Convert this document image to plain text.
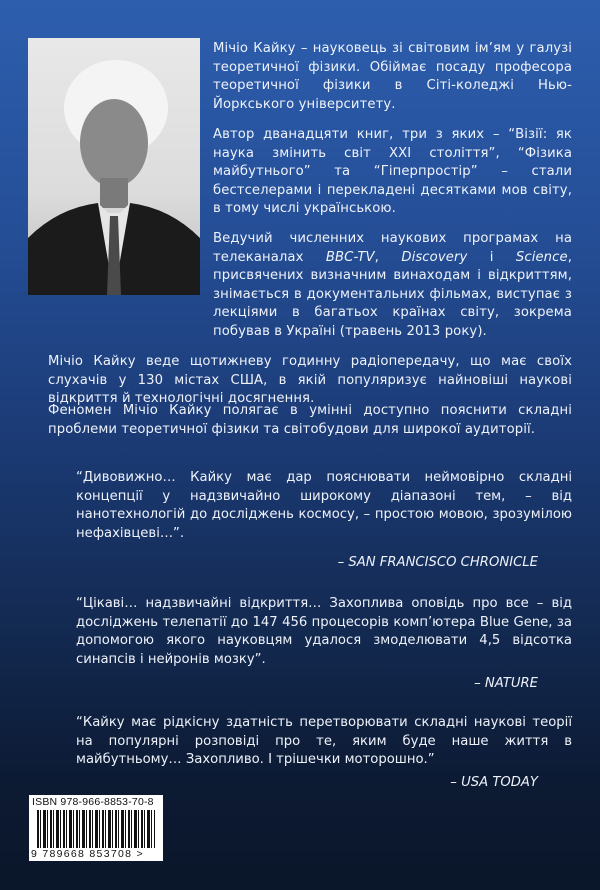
Мічіо Кайку – науковець зі світовим ім’ям у галузі теоретичної фізики. Обіймає посаду професора теоретичної фізики в Сіті-коледжі Нью-Йоркського університету.

Автор дванадцяти книг, три з яких – “Візії: як наука змінить світ XXI століття”, “Фізика майбутнього” та “Гіперпростір” – стали бестселерами і перекладені десятками мов світу, в тому числі українською.

Ведучий численних наукових програмах на телеканалах BBC-TV, Discovery і Science, присвячених визначним винаходам і відкриттям, знімається в документальних фільмах, виступає з лекціями в багатьох країнах світу, зокрема побував в Україні (травень 2013 року).

Мічіо Кайку веде щотижневу годинну радіопередачу, що має своїх слухачів у 130 містах США, в якій популяризує найновіші наукові відкриття й технологічні досягнення.

Феномен Мічіо Кайку полягає в умінні доступно пояснити складні проблеми теоретичної фізики та світобудови для широкої аудиторії.

“Дивовижно… Кайку має дар пояснювати неймовірно складні концепції у надзвичайно широкому діапазоні тем, – від нанотехнологій до досліджень космосу, – простою мовою, зрозумілою нефахівцеві…”.

– SAN FRANCISCO CHRONICLE

“Цікаві… надзвичайні відкриття… Захоплива оповідь про все – від досліджень телепатії до 147 456 процесорів комп’ютера Blue Gene, за допомогою якого науковцям удалося змоделювати 4,5 відсотка синапсів і нейронів мозку”.

– NATURE

“Кайку має рідкісну здатність перетворювати складні наукові теорії на популярні розповіді про те, яким буде наше життя в майбутньому… Захопливо. І трішечки моторошно.”

– USA TODAY
ISBN 978-966-8853-70-8
9 789668 853708 >
